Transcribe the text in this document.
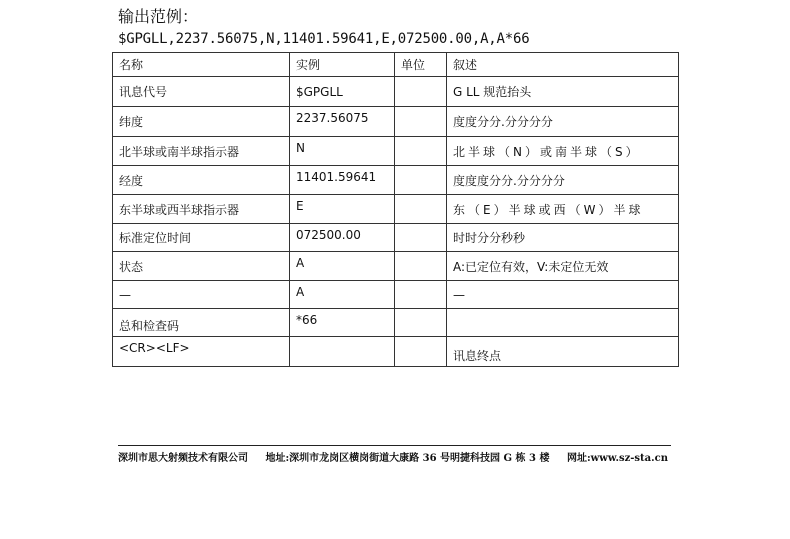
输出范例：
$GPGLL,2237.56075,N,11401.59641,E,072500.00,A,A*66
名称	实例	单位	叙述
讯息代号	$GPGLL		G LL 规范抬头
纬度	2237.56075		度度分分.分分分分
北半球或南半球指示器	N		北半球（N）或南半球（S）
经度	11401.59641		度度度分分.分分分分
东半球或西半球指示器	E		东（E）半球或西（W）半球
标准定位时间	072500.00		时时分分秒秒
状态	A		A:已定位有效，V:未定位无效
—	A		—
总和检查码	*66		
<CR><LF>			讯息终点
深圳市思大射频技术有限公司 地址:深圳市龙岗区横岗街道大康路 36 号明捷科技园 G 栋 3 楼 网址:www.sz-sta.cn
